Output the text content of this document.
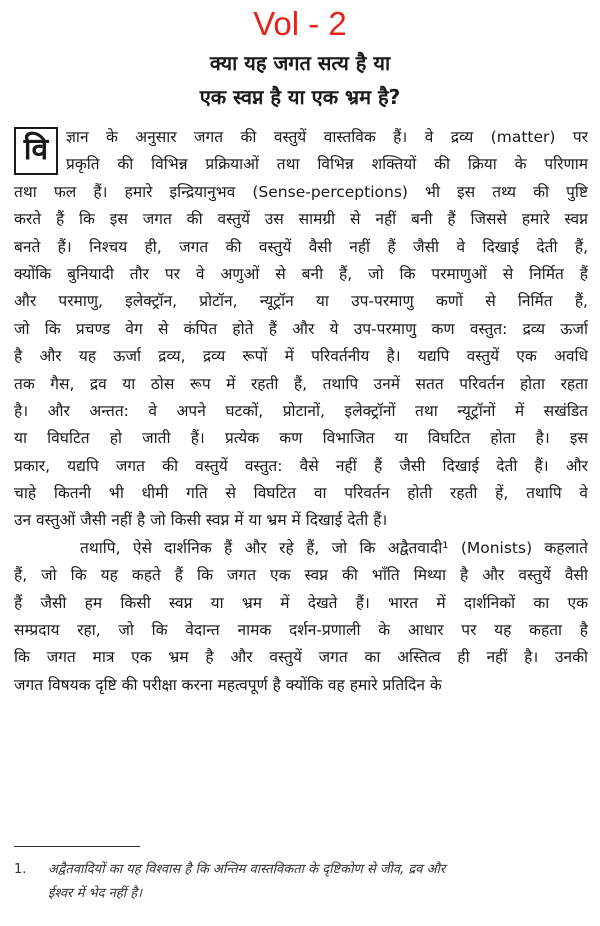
Vol - 2
क्या यह जगत सत्य है या
एक स्वप्न है या एक भ्रम है?
वि	ज्ञान के अनुसार जगत की वस्तुयें वास्तविक हैं। वे द्रव्य (matter) पर
प्रकृति की विभिन्न प्रक्रियाओं तथा विभिन्न शक्तियों की क्रिया के परिणाम
तथा फल हैं। हमारे इन्द्रियानुभव (Sense-perceptions) भी इस तथ्य की पुष्टि
करते हैं कि इस जगत की वस्तुयें उस सामग्री से नहीं बनी हैं जिससे हमारे स्वप्न
बनते हैं। निश्चय ही, जगत की वस्तुयें वैसी नहीं हैं जैसी वे दिखाई देती हैं,
क्योंकि बुनियादी तौर पर वे अणुओं से बनी हैं, जो कि परमाणुओं से निर्मित हैं
और परमाणु, इलेक्ट्रॉन, प्रोटॉन, न्यूट्रॉन या उप-परमाणु कणों से निर्मित हैं,
जो कि प्रचण्ड वेग से कंपित होते हैं और ये उप-परमाणु कण वस्तुत: द्रव्य ऊर्जा
है और यह ऊर्जा द्रव्य, द्रव्य रूपों में परिवर्तनीय है। यद्यपि वस्तुयें एक अवधि
तक गैस, द्रव या ठोस रूप में रहती हैं, तथापि उनमें सतत परिवर्तन होता रहता
है। और अन्तत: वे अपने घटकों, प्रोटानों, इलेक्ट्रॉनों तथा न्यूट्रॉनों में सखंडित
या विघटित हो जाती हैं। प्रत्येक कण विभाजित या विघटित होता है। इस
प्रकार, यद्यपि जगत की वस्तुयें वस्तुत: वैसे नहीं हैं जैसी दिखाई देती हैं। और
चाहे कितनी भी धीमी गति से विघटित वा परिवर्तन होती रहती हें, तथापि वे
उन वस्तुओं जैसी नहीं है जो किसी स्वप्न में या भ्रम में दिखाई देती हैं।
तथापि, ऐसे दार्शनिक हैं और रहे हैं, जो कि अद्वैतवादी¹ (Monists) कहलाते
हैं, जो कि यह कहते हैं कि जगत एक स्वप्न की भाँति मिथ्या है और वस्तुयें वैसी
हैं जैसी हम किसी स्वप्न या भ्रम में देखते हैं। भारत में दार्शनिकों का एक
सम्प्रदाय रहा, जो कि वेदान्त नामक दर्शन-प्रणाली के आधार पर यह कहता है
कि जगत मात्र एक भ्रम है और वस्तुयें जगत का अस्तित्व ही नहीं है। उनकी
जगत विषयक दृष्टि की परीक्षा करना महत्वपूर्ण है क्योंकि वह हमारे प्रतिदिन के
1. अद्वैतवादियों का यह विश्वास है कि अन्तिम वास्तविकता के दृष्टिकोण से जीव, द्रव और
ईश्वर में भेद नहीं है।
